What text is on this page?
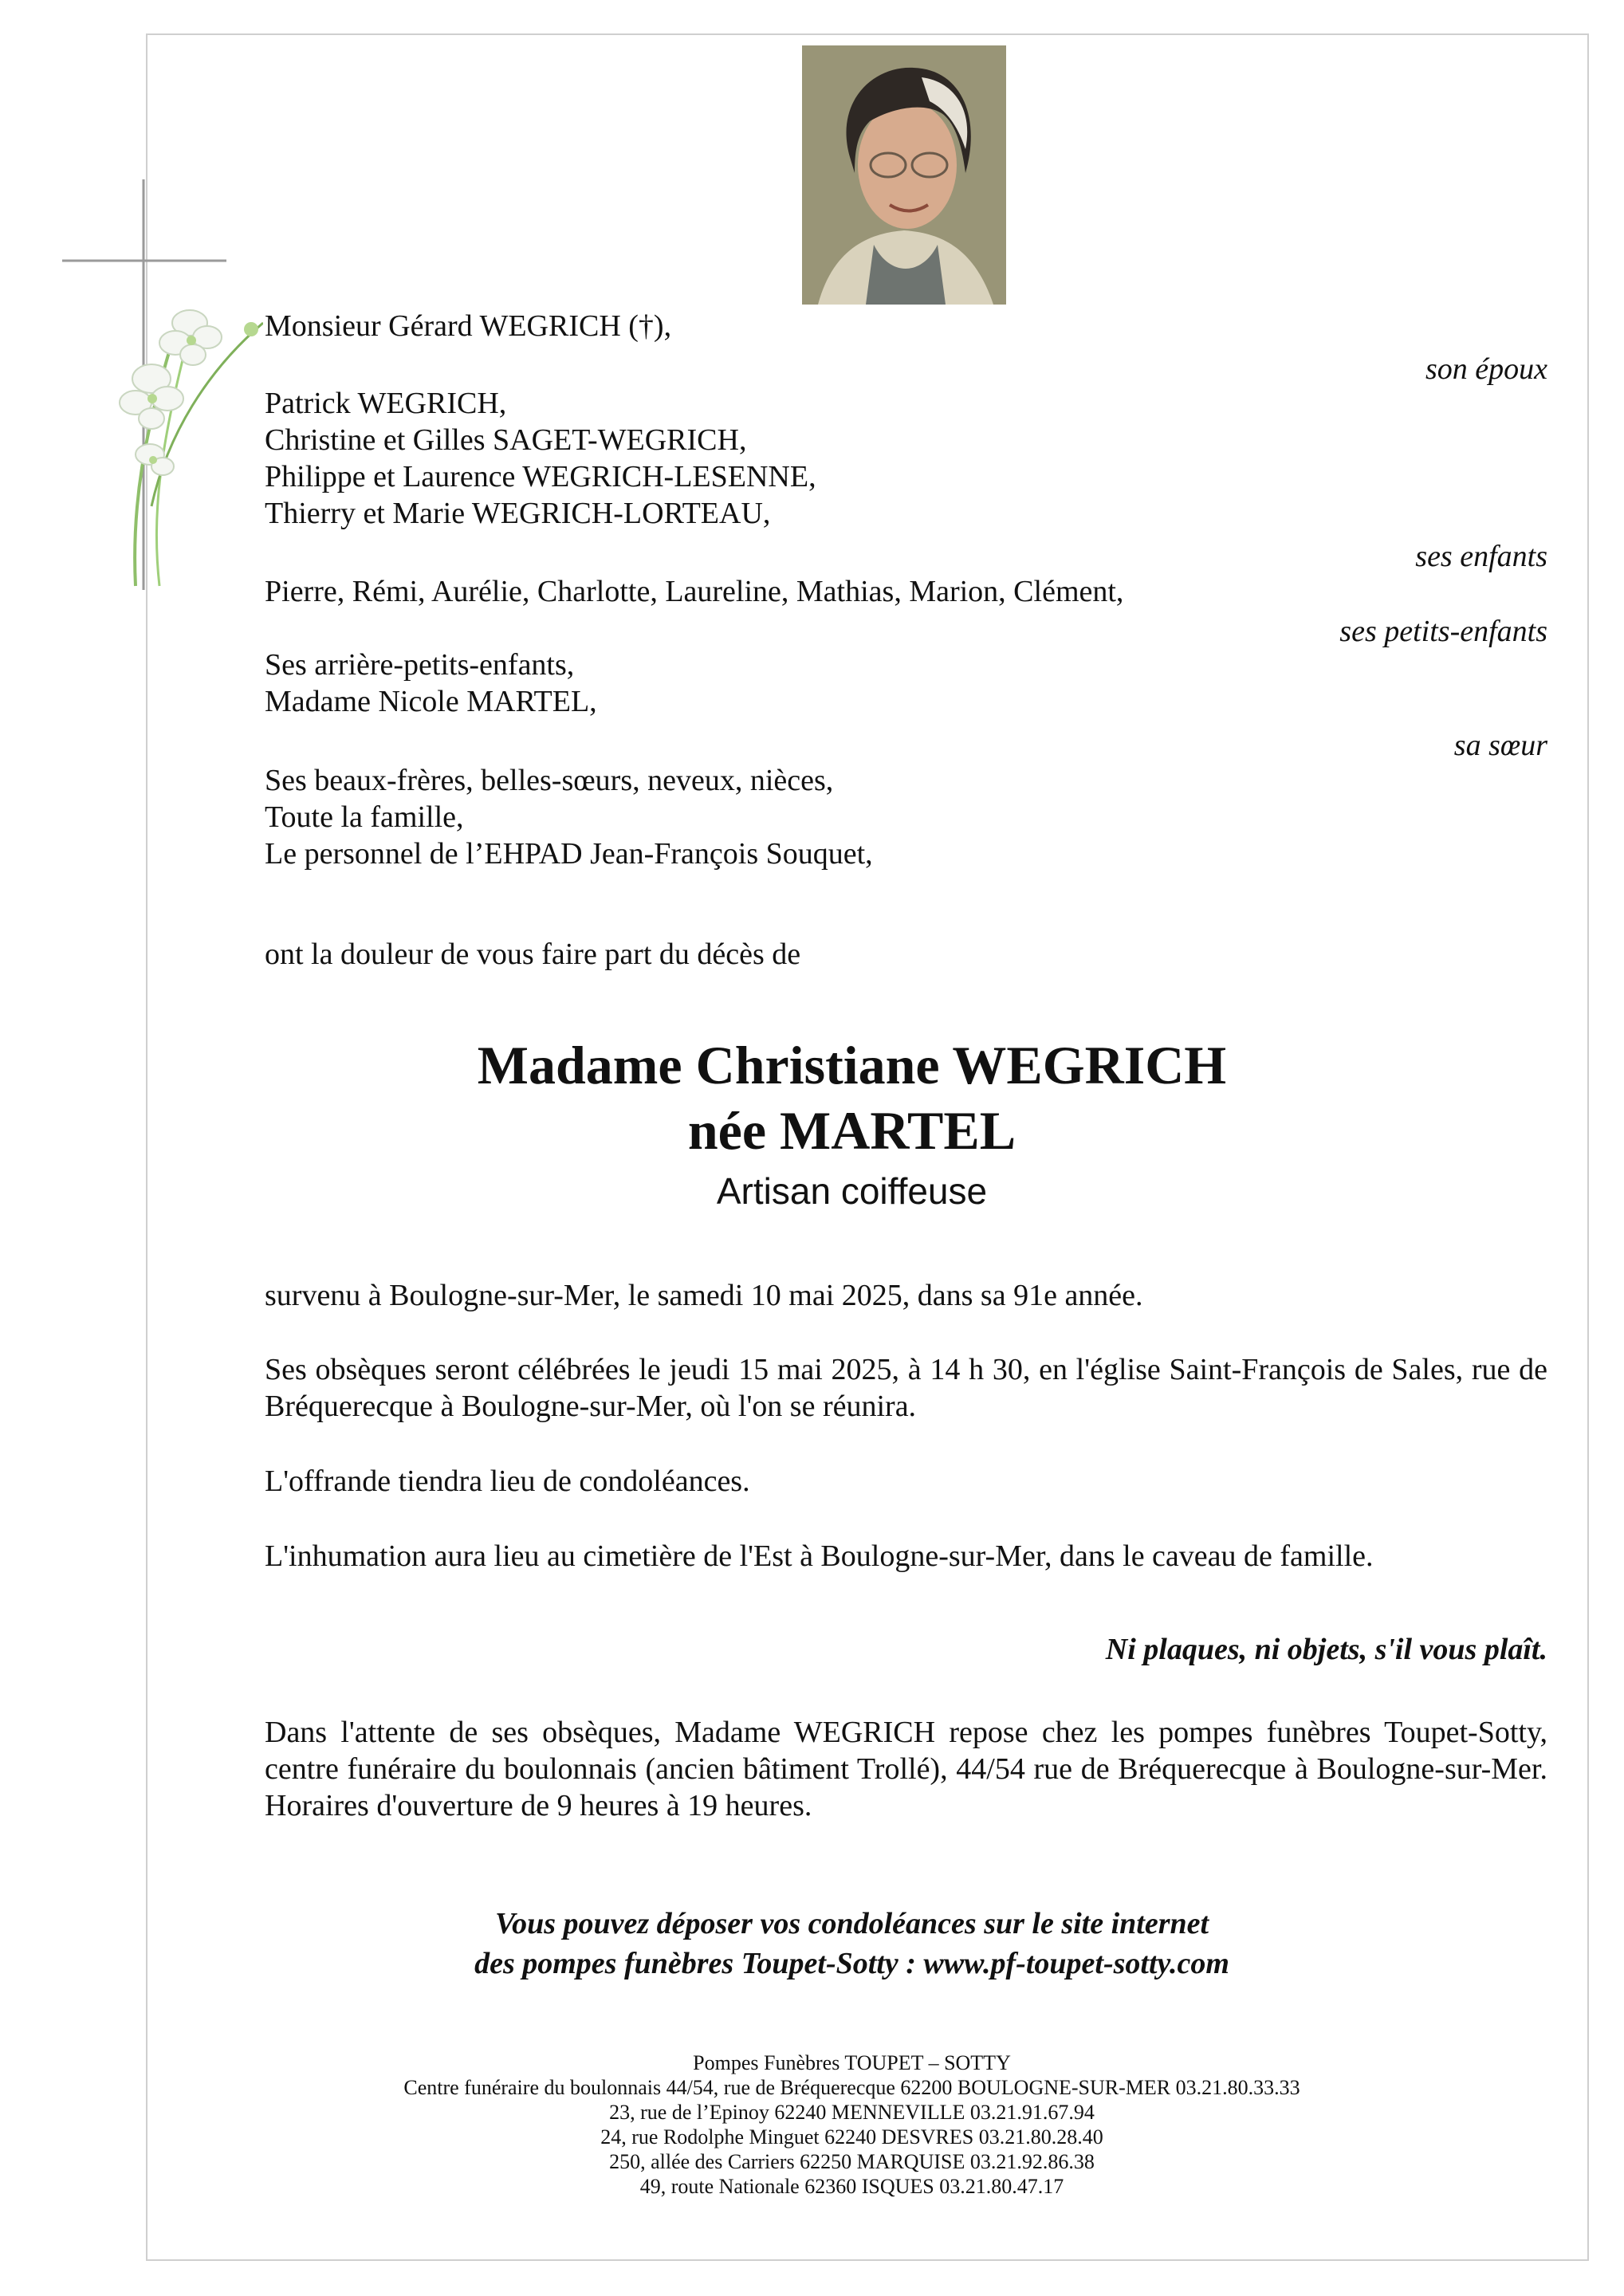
Monsieur Gérard WEGRICH (†),
son époux
Patrick WEGRICH,
Christine et Gilles SAGET-WEGRICH,
Philippe et Laurence WEGRICH-LESENNE,
Thierry et Marie WEGRICH-LORTEAU,
ses enfants
Pierre, Rémi, Aurélie, Charlotte, Laureline, Mathias, Marion, Clément,
ses petits-enfants
Ses arrière-petits-enfants,
Madame Nicole MARTEL,
sa sœur
Ses beaux-frères, belles-sœurs, neveux, nièces,
Toute la famille,
Le personnel de l’EHPAD Jean-François Souquet,
ont la douleur de vous faire part du décès de
Madame Christiane WEGRICH
née MARTEL
Artisan coiffeuse
survenu à Boulogne-sur-Mer, le samedi 10 mai 2025, dans sa 91e année.
Ses obsèques seront célébrées le jeudi 15 mai 2025, à 14 h 30, en l'église Saint-François de Sales, rue de Bréquerecque à Boulogne-sur-Mer, où l'on se réunira.
L'offrande tiendra lieu de condoléances.
L'inhumation aura lieu au cimetière de l'Est à Boulogne-sur-Mer, dans le caveau de famille.
Ni plaques, ni objets, s'il vous plaît.
Dans l'attente de ses obsèques, Madame WEGRICH repose chez les pompes funèbres Toupet-Sotty, centre funéraire du boulonnais (ancien bâtiment Trollé), 44/54 rue de Bréquerecque à Boulogne-sur-Mer. Horaires d'ouverture de 9 heures à 19 heures.
Vous pouvez déposer vos condoléances sur le site internet
des pompes funèbres Toupet-Sotty : www.pf-toupet-sotty.com
Pompes Funèbres TOUPET – SOTTY
Centre funéraire du boulonnais 44/54, rue de Bréquerecque 62200 BOULOGNE-SUR-MER 03.21.80.33.33
23, rue de l’Epinoy 62240 MENNEVILLE 03.21.91.67.94
24, rue Rodolphe Minguet 62240 DESVRES 03.21.80.28.40
250, allée des Carriers 62250 MARQUISE 03.21.92.86.38
49, route Nationale 62360 ISQUES 03.21.80.47.17
